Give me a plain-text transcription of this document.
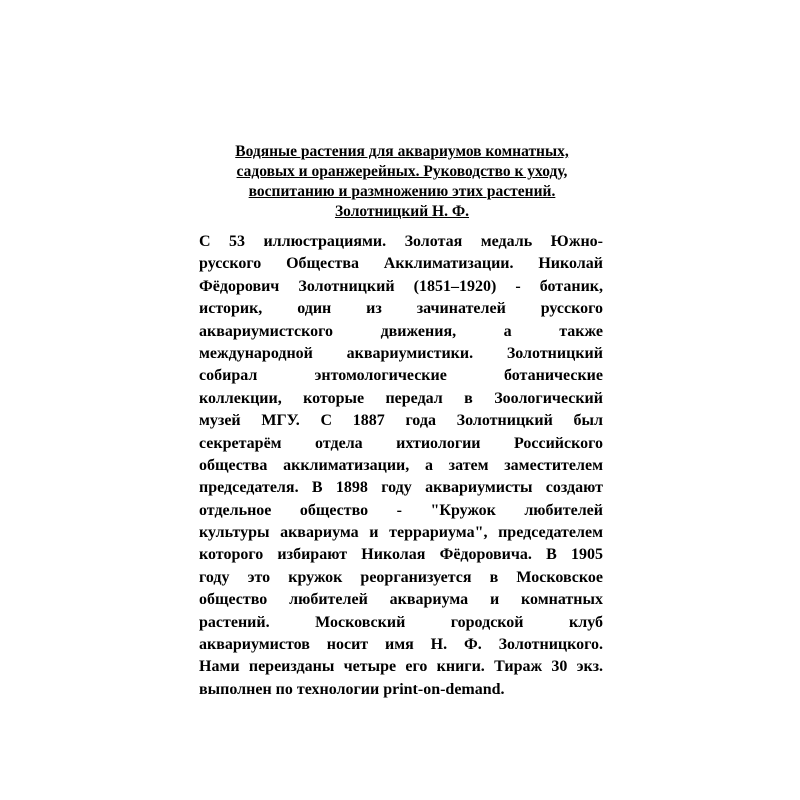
Водяные растения для аквариумов комнатных,
садовых и оранжерейных. Руководство к уходу,
воспитанию и размножению этих растений.
Золотницкий Н. Ф.
С 53 иллюстрациями. Золотая медаль Южно-
русского Общества Акклиматизации. Николай
Фёдорович Золотницкий (1851–1920) - ботаник,
историк, один из зачинателей русского
аквариумистского движения, а также
международной аквариумистики. Золотницкий
собирал энтомологические ботанические
коллекции, которые передал в Зоологический
музей МГУ. С 1887 года Золотницкий был
секретарём отдела ихтиологии Российского
общества акклиматизации, а затем заместителем
председателя. В 1898 году аквариумисты создают
отдельное общество - "Кружок любителей
культуры аквариума и террариума", председателем
которого избирают Николая Фёдоровича. В 1905
году это кружок реорганизуется в Московское
общество любителей аквариума и комнатных
растений. Московский городской клуб
аквариумистов носит имя Н. Ф. Золотницкого.
Нами переизданы четыре его книги. Тираж 30 экз.
выполнен по технологии print-on-demand.
